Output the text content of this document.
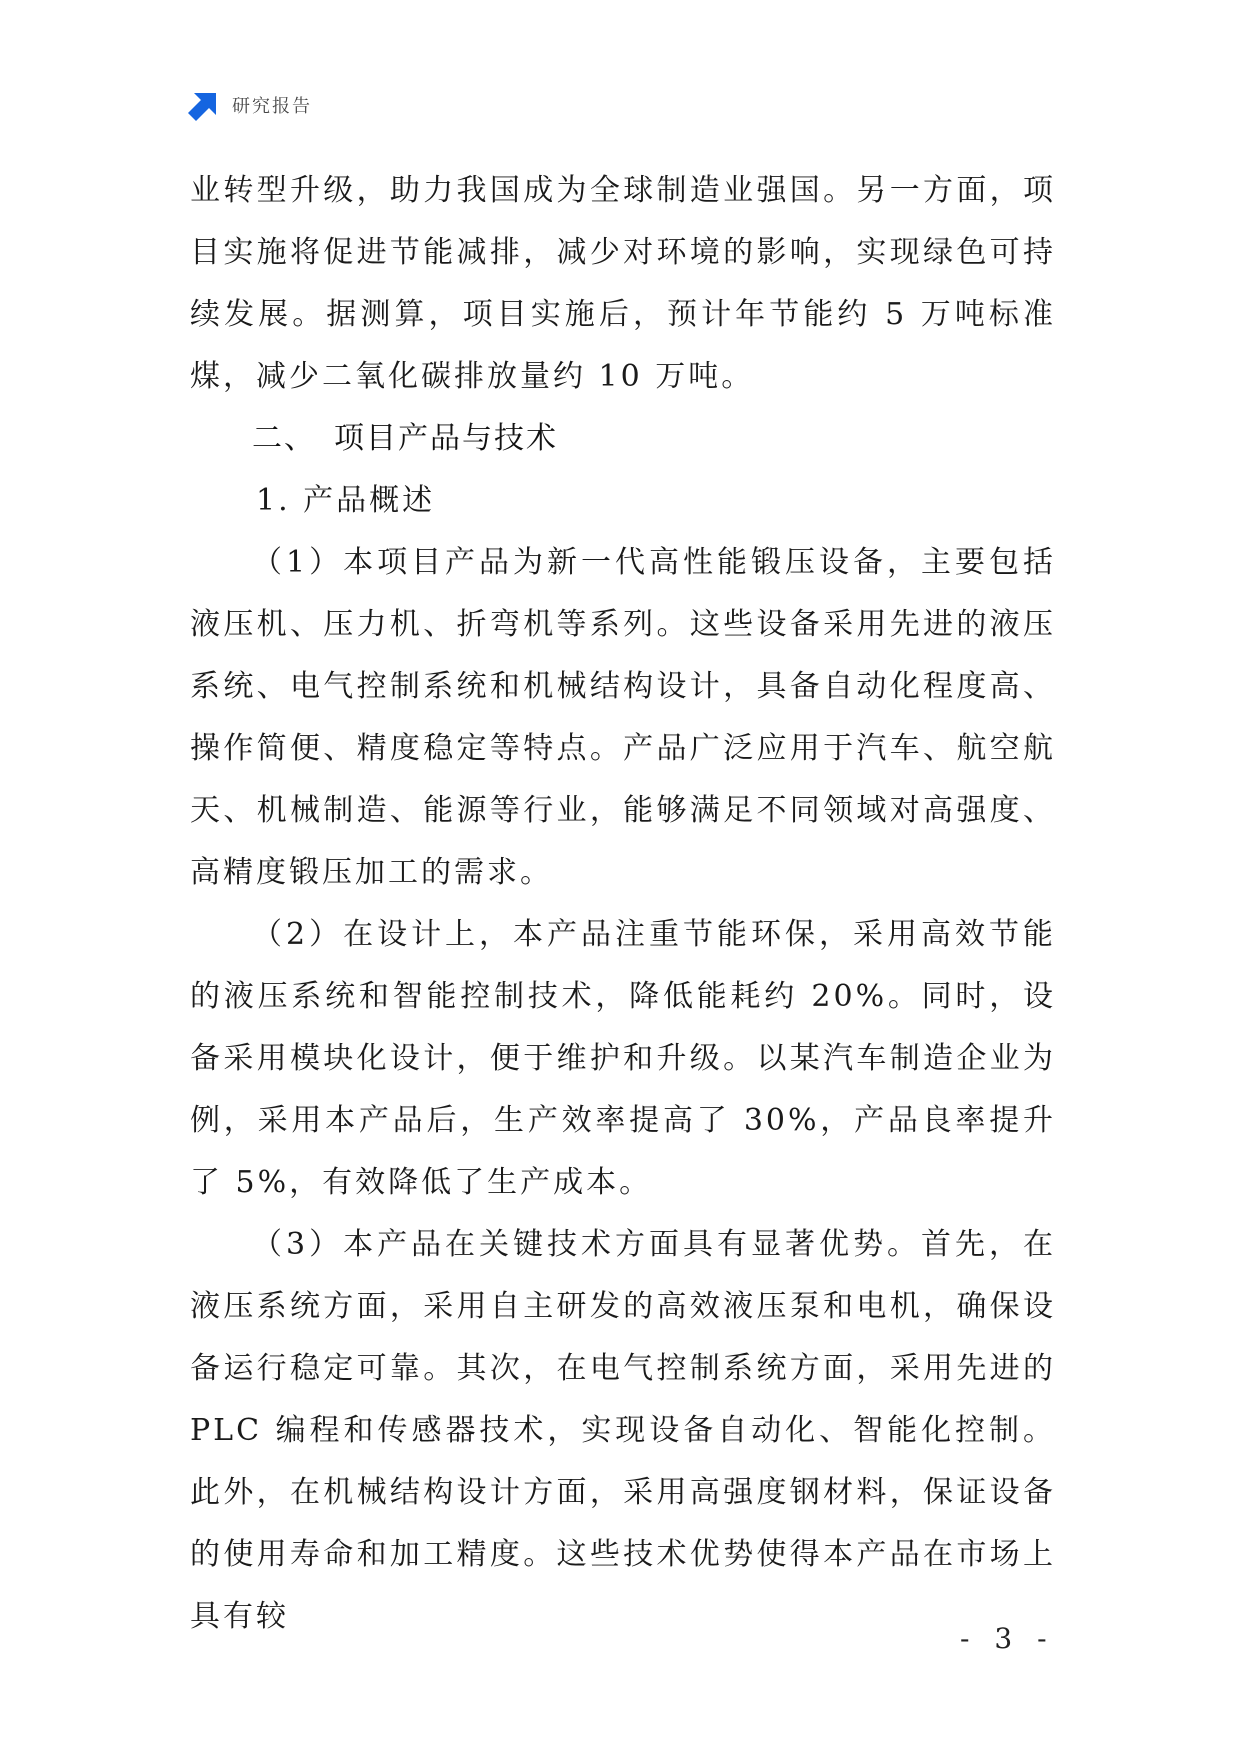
研究报告

业转型升级，助力我国成为全球制造业强国。另一方面，项目实施将促进节能减排，减少对环境的影响，实现绿色可持续发展。据测算，项目实施后，预计年节能约 5 万吨标准煤，减少二氧化碳排放量约 10 万吨。

二、 项目产品与技术
1. 产品概述

（1）本项目产品为新一代高性能锻压设备，主要包括液压机、压力机、折弯机等系列。这些设备采用先进的液压系统、电气控制系统和机械结构设计，具备自动化程度高、操作简便、精度稳定等特点。产品广泛应用于汽车、航空航天、机械制造、能源等行业，能够满足不同领域对高强度、高精度锻压加工的需求。

（2）在设计上，本产品注重节能环保，采用高效节能的液压系统和智能控制技术，降低能耗约 20%。同时，设备采用模块化设计，便于维护和升级。以某汽车制造企业为例，采用本产品后，生产效率提高了 30%，产品良率提升了 5%，有效降低了生产成本。

（3）本产品在关键技术方面具有显著优势。首先，在液压系统方面，采用自主研发的高效液压泵和电机，确保设备运行稳定可靠。其次，在电气控制系统方面，采用先进的 PLC 编程和传感器技术，实现设备自动化、智能化控制。此外，在机械结构设计方面，采用高强度钢材料，保证设备的使用寿命和加工精度。这些技术优势使得本产品在市场上具有较

- 3 -
